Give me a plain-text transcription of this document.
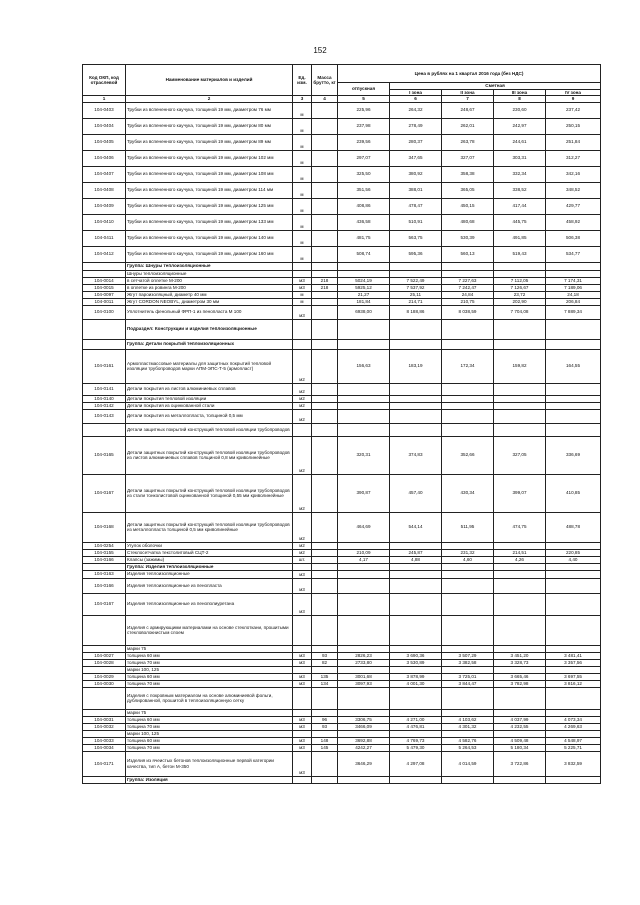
152
Код ОКП, код отраслевой	Наименование материалов и изделий	Ед. изм.	Масса брутто, кг	Цена в рублях на 1 квартал 2016 года (без НДС)				
				отпускная	Сметная			
					I зона	II зона	III зона	IV зона
1	2	3	4	5	6	7	8	9
104-0403	Трубки из вспененного каучука, толщиной 19 мм, диаметром 76 мм	м		225,96	264,32	248,67	230,60	237,42
104-0404	Трубки из вспененного каучука, толщиной 19 мм, диаметром 80 мм	м		237,98	278,49	262,01	242,97	250,15
104-0405	Трубки из вспененного каучука, толщиной 19 мм, диаметром 89 мм	м		239,56	280,37	263,78	244,61	251,84
104-0406	Трубки из вспененного каучука, толщиной 19 мм, диаметром 102 мм	м		297,07	347,65	327,07	303,31	312,27
104-0407	Трубки из вспененного каучука, толщиной 19 мм, диаметром 108 мм	м		325,50	380,92	358,38	332,34	342,16
104-0408	Трубки из вспененного каучука, толщиной 19 мм, диаметром 114 мм	м		351,56	388,01	365,05	338,52	348,52
104-0409	Трубки из вспененного каучука, толщиной 19 мм, диаметром 125 мм	м		408,86	478,47	450,15	417,44	429,77
104-0410	Трубки из вспененного каучука, толщиной 19 мм, диаметром 133 мм	м		436,58	510,91	480,68	445,75	458,92
104-0411	Трубки из вспененного каучука, толщиной 19 мм, диаметром 140 мм	м		481,75	563,75	530,39	491,85	506,38
104-0412	Трубки из вспененного каучука, толщиной 19 мм, диаметром 160 мм	м		508,74	595,36	560,13	519,43	534,77
	Группа: Шнуры теплоизоляционные							
	Шнуры теплоизоляционные							
104-0014	в сетчатой оплетке М-200	м3	218	5024,19	7 522,49	7 227,63	7 112,05	7 174,31
104-0015	в оплетке из ровинга М-200	м3	218	5925,12	7 537,92	7 242,47	7 126,67	7 189,06
104-0097	Жгут пароизоляцный, диаметр 40 мм	м		21,27	25,11	24,84	23,72	24,18
104-0011	Жгут CORDON NEOBYL, диаметром 30 мм	м		181,84	214,71	210,75	202,90	206,84
104-0100	Уплотнитель фенольный ФРП-1 из пенопласта М 100	м3		6938,00	8 188,86	8 038,59	7 704,08	7 889,34
	Подраздел: Конструкции и изделия теплоизоляционные							
	Группа: Детали покрытий теплоизоляционных							
104-0161	Армопластмассовые материалы для защитных покрытий тепловой изоляции трубопроводов марки АПМ-ЭПС-Т-5 (армопласт)	м2		156,63	183,19	172,34	159,82	164,55
104-0141	Детали покрытия из листов алюминиевых сплавов	м2						
104-0140	Детали покрытия тепловой изоляции	м2						
104-0142	Детали покрытия из оцинкованной стали	м2						
104-0143	Детали покрытия из металлопласта, толщиной 0,5 мм	м2						
	Детали защитных покрытий конструкций тепловой изоляции трубопроводов							
104-0165	Детали защитных покрытий конструкций тепловой изоляции трубопроводов из листов алюминиевых сплавов толщиной 0,8 мм криволинейные	м2		320,31	374,83	352,66	327,05	336,69
104-0167	Детали защитных покрытий конструкций тепловой изоляции трубопроводов из стали тонколистовой оцинкованной толщиной 0,55 мм криволинейные	м2		390,87	457,40	430,34	399,07	410,85
104-0168	Детали защитных покрытий конструкций тепловой изоляции трубопроводов из металлопласта толщиной 0,5 мм криволинейные	м2		464,69	544,14	511,95	474,75	488,78
104-0254	Угулок оболочки	м2						
104-0155	Стеклосетчатка текстолитовый СЦТ-2	м2		210,09	245,87	231,32	214,51	220,85
104-0166	Клапсы (зажимы)	шт.		4,17	4,88	4,60	4,26	4,40
	Группа: Изделия теплоизоляционные							
104-0163	Изделия теплоизоляционные	м3						
104-0166	Изделия теплоизоляционные из пенопласта	м3						
104-0167	Изделия теплоизоляционные из пенополиуретана	м3						
	Изделия с армирующими материалами на основе стеклоткани, прошитыми стекловолокнистым слоем							
	марки 75							
104-0027	толщина 60 мм	м3	93	2826,23	3 690,36	3 507,29	3 451,20	3 481,41
104-0028	толщина 70 мм	м3	82	2733,80	3 530,89	3 382,58	3 328,73	3 357,56
	марки 100, 125							
104-0029	толщина 60 мм	м3	135	3001,68	3 878,99	3 725,01	3 665,46	3 697,55
104-0030	толщина 70 мм	м3	134	3097,93	4 001,30	3 844,47	3 782,98	3 816,12
	Изделия с покровным материалом на основе алюминиевой фольги, дублированной, прошитой в теплоизоляционную сетку							
	марки 75							
104-0031	толщина 60 мм	м3	96	3306,75	4 271,00	4 103,62	4 037,99	4 073,34
104-0032	толщина 70 мм	м3	93	3466,09	4 476,81	4 301,32	4 232,55	4 269,63
	марки 100, 125							
104-0033	толщина 60 мм	м3	148	3692,88	4 769,73	4 582,76	4 509,48	4 548,97
104-0034	толщина 70 мм	м3	145	4242,27	5 479,30	5 264,53	5 180,34	5 225,71
104-0171	Изделия из ячеистых бетонов теплоизоляционные первой категории качества, тип А, бетон М-350	м3		3646,29	4 297,08	4 014,59	3 722,86	3 832,59
	Группа: Изоляция							
